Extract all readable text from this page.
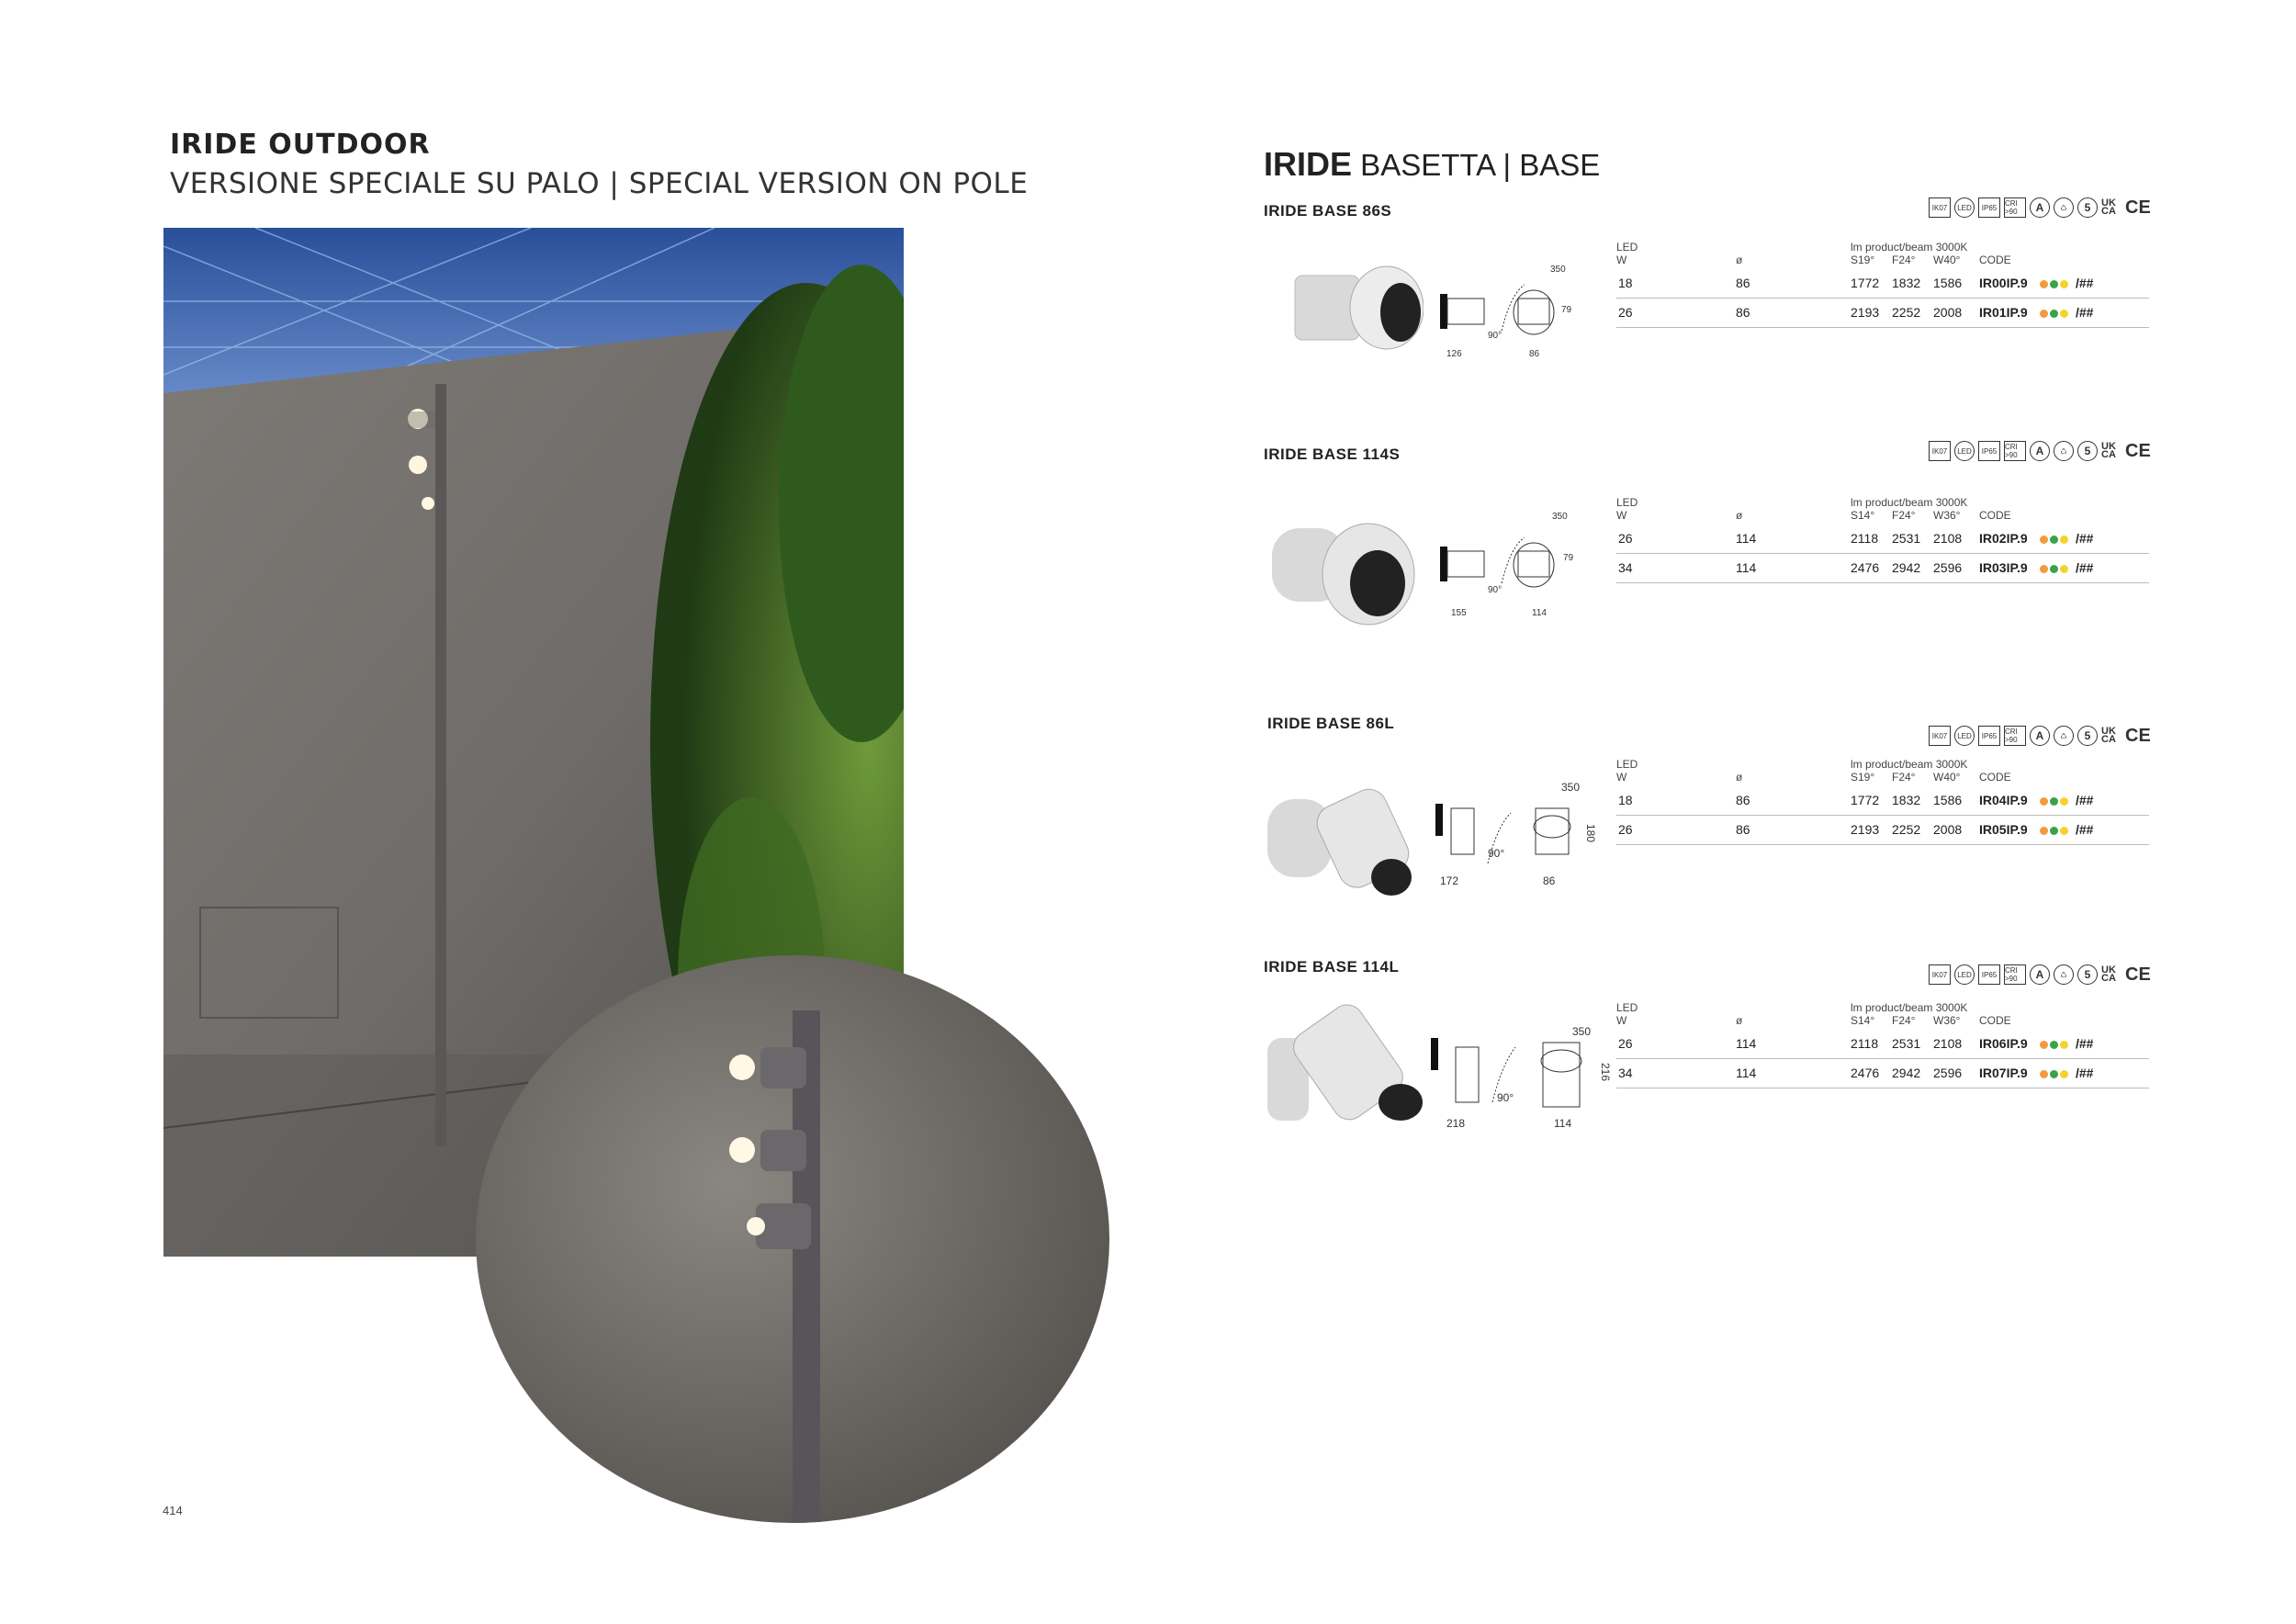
IRIDE OUTDOOR
VERSIONE SPECIALE SU PALO | SPECIAL VERSION ON POLE
414
IRIDE BASETTA | BASE
IRIDE BASE 86S	IK07	LED	IP65	CRI >90	A	♺	5	UK CA CE
350
79
90°
126	86
LED
W	ø
lm product/beam 3000K
S19° F24° W40° CODE
18	86	1772 1832 1586 IR00IP.9	/##
26	86	2193 2252 2008 IR01IP.9	/##
IRIDE BASE 114S	IK07	LED	IP65	CRI >90	A	♺	5	UK CA CE
350
79
90°
155	114
LED
W	ø
lm product/beam 3000K
S14° F24° W36° CODE
26	114	2118 2531 2108 IR02IP.9	/##
34	114	2476 2942 2596 IR03IP.9	/##
IRIDE BASE 86L
IK07	LED	IP65	CRI >90	A	♺	5	UK CA CE
350
180
90°
172	86
LED
W	ø
lm product/beam 3000K
S19° F24° W40° CODE
18	86	1772 1832 1586 IR04IP.9	/##
26	86	2193 2252 2008 IR05IP.9	/##
IRIDE BASE 114L	IK07	LED	IP65	CRI >90	A	♺	5	UK CA CE
350
216
90°
218	114
LED
W	ø
lm product/beam 3000K
S14° F24° W36° CODE
26	114	2118 2531 2108 IR06IP.9	/##
34	114	2476 2942 2596 IR07IP.9	/##
